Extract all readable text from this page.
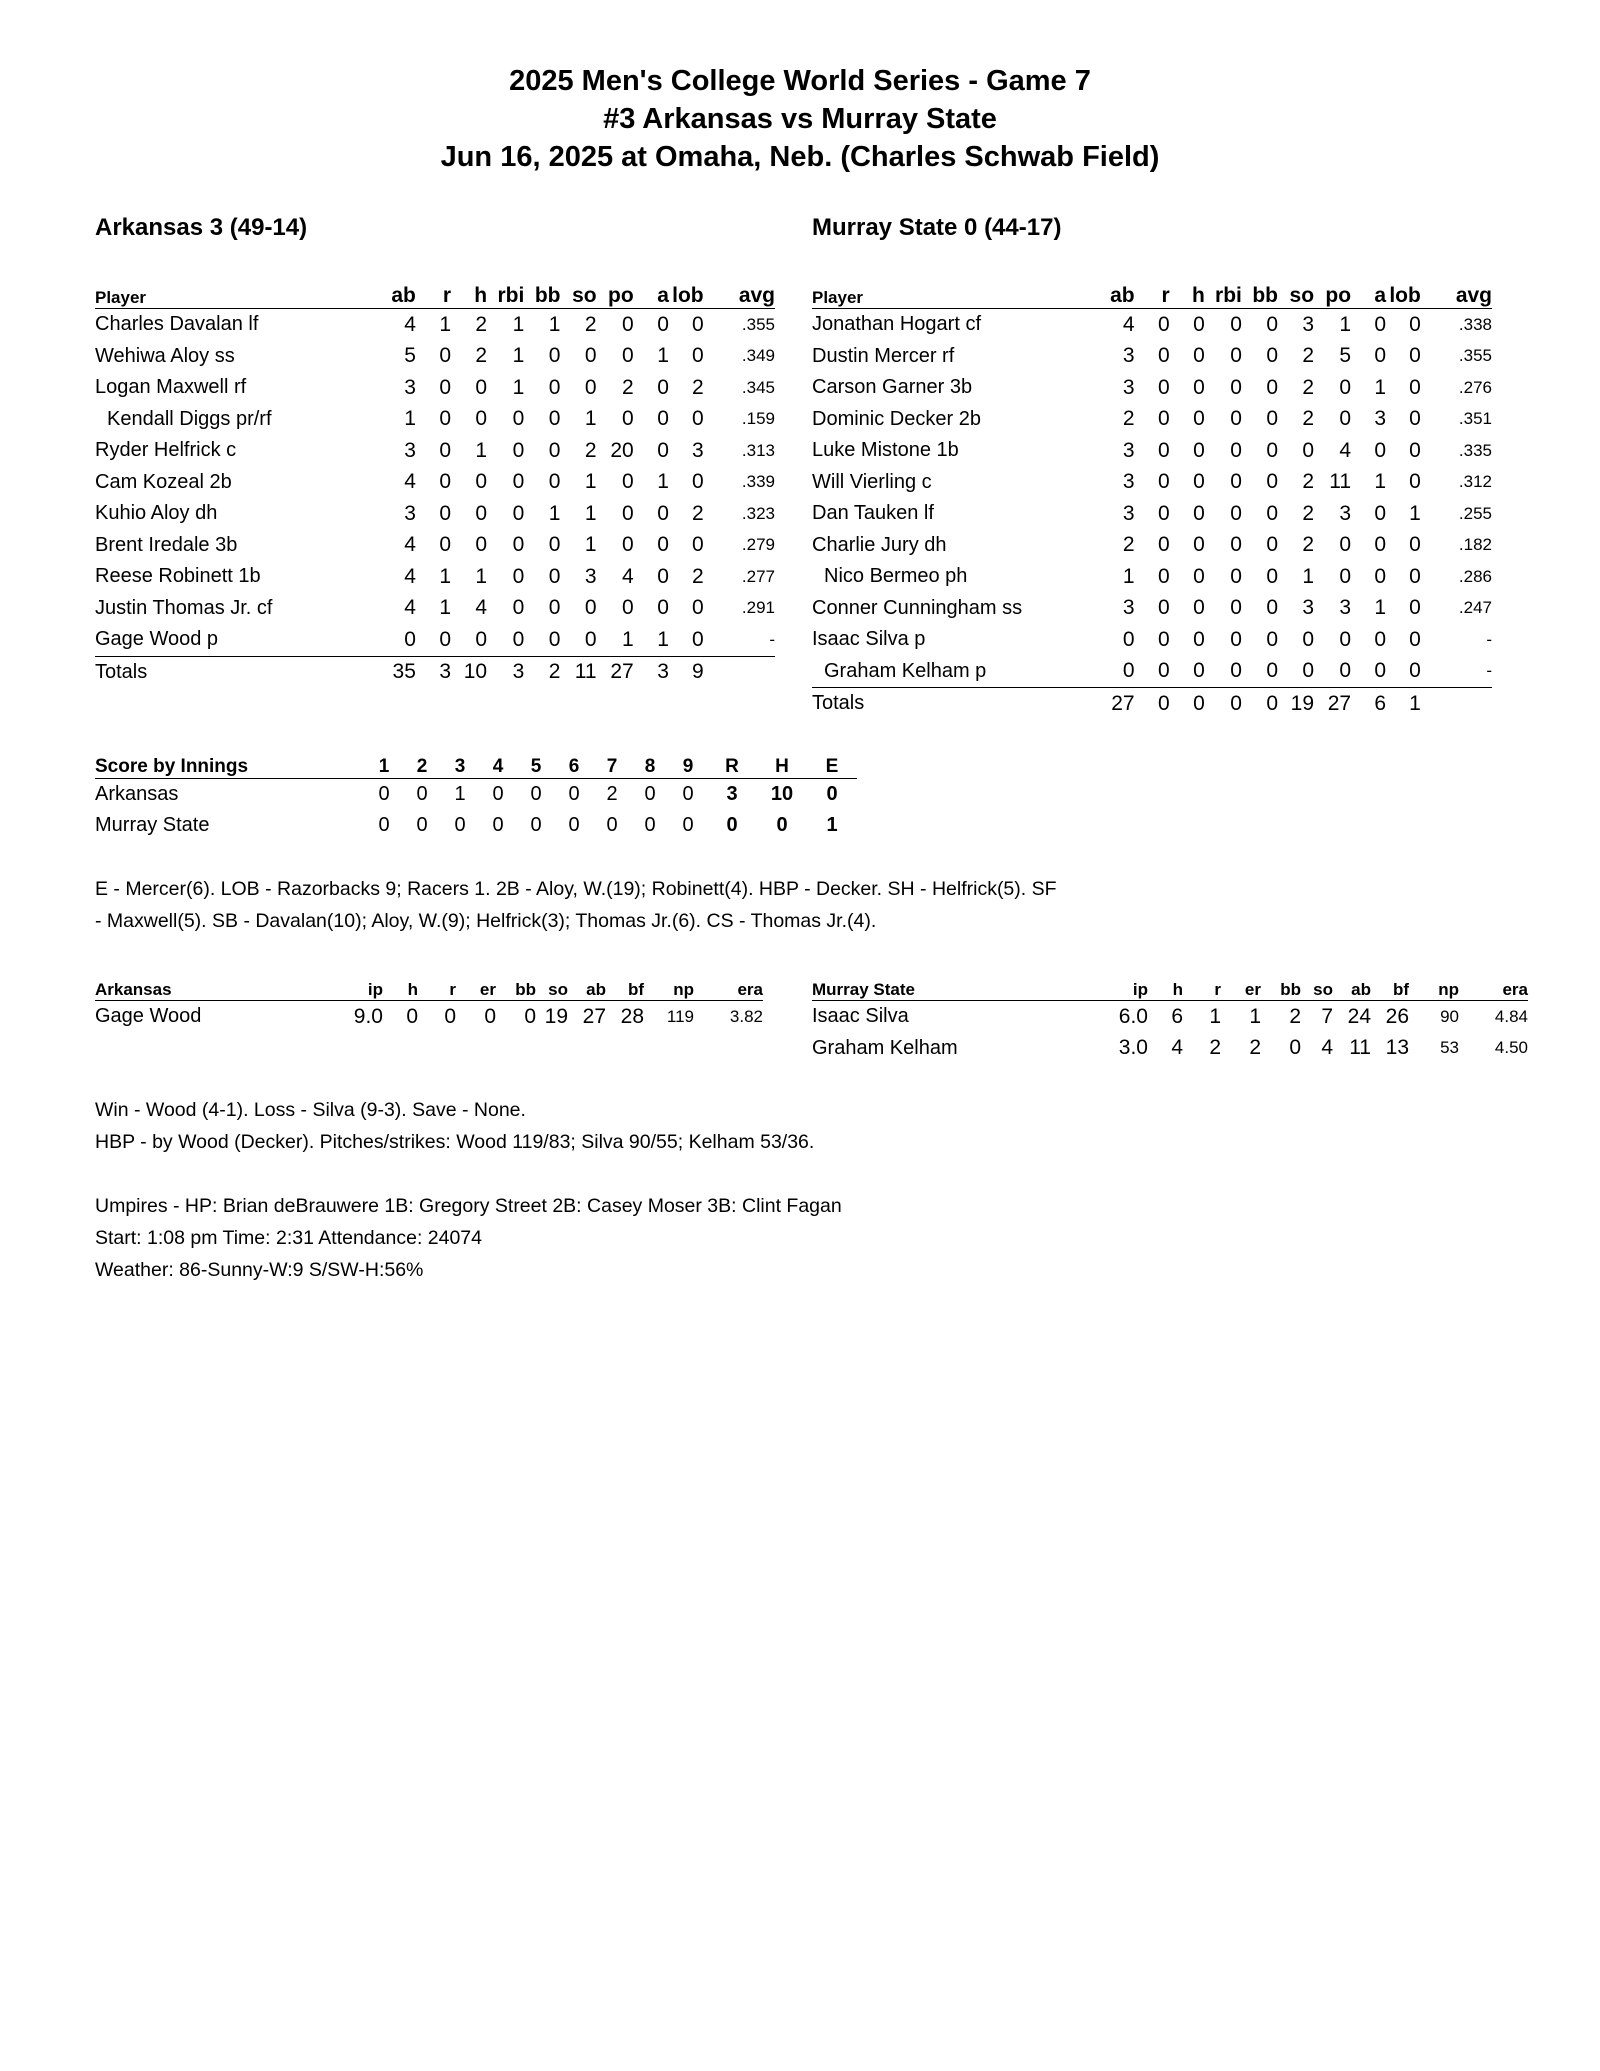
2025 Men's College World Series - Game 7
#3 Arkansas vs Murray State
Jun 16, 2025 at Omaha, Neb. (Charles Schwab Field)
Arkansas 3 (49-14)	Murray State 0 (44-17)
Player	ab	r	h	rbi	bb	so	po	a	lob	avg
Charles Davalan lf	4	1	2	1	1	2	0	0	0	.355
Wehiwa Aloy ss	5	0	2	1	0	0	0	1	0	.349
Logan Maxwell rf	3	0	0	1	0	0	2	0	2	.345
Kendall Diggs pr/rf	1	0	0	0	0	1	0	0	0	.159
Ryder Helfrick c	3	0	1	0	0	2	20	0	3	.313
Cam Kozeal 2b	4	0	0	0	0	1	0	1	0	.339
Kuhio Aloy dh	3	0	0	0	1	1	0	0	2	.323
Brent Iredale 3b	4	0	0	0	0	1	0	0	0	.279
Reese Robinett 1b	4	1	1	0	0	3	4	0	2	.277
Justin Thomas Jr. cf	4	1	4	0	0	0	0	0	0	.291
Gage Wood p	0	0	0	0	0	0	1	1	0	-
Totals	35	3	10	3	2	11	27	3	9	
Player	ab	r	h	rbi	bb	so	po	a	lob	avg
Jonathan Hogart cf	4	0	0	0	0	3	1	0	0	.338
Dustin Mercer rf	3	0	0	0	0	2	5	0	0	.355
Carson Garner 3b	3	0	0	0	0	2	0	1	0	.276
Dominic Decker 2b	2	0	0	0	0	2	0	3	0	.351
Luke Mistone 1b	3	0	0	0	0	0	4	0	0	.335
Will Vierling c	3	0	0	0	0	2	11	1	0	.312
Dan Tauken lf	3	0	0	0	0	2	3	0	1	.255
Charlie Jury dh	2	0	0	0	0	2	0	0	0	.182
Nico Bermeo ph	1	0	0	0	0	1	0	0	0	.286
Conner Cunningham ss	3	0	0	0	0	3	3	1	0	.247
Isaac Silva p	0	0	0	0	0	0	0	0	0	-
Graham Kelham p	0	0	0	0	0	0	0	0	0	-
Totals	27	0	0	0	0	19	27	6	1	
Score by Innings	1	2	3	4	5	6	7	8	9	R	H	E
Arkansas	0	0	1	0	0	0	2	0	0	3	10	0
Murray State	0	0	0	0	0	0	0	0	0	0	0	1
E - Mercer(6). LOB - Razorbacks 9; Racers 1. 2B - Aloy, W.(19); Robinett(4). HBP - Decker. SH - Helfrick(5). SF
- Maxwell(5). SB - Davalan(10); Aloy, W.(9); Helfrick(3); Thomas Jr.(6). CS - Thomas Jr.(4).
Arkansas	ip	h	r	er	bb	so	ab	bf	np	era
Gage Wood	9.0	0	0	0	0	19	27	28	119	3.82
Murray State	ip	h	r	er	bb	so	ab	bf	np	era
Isaac Silva	6.0	6	1	1	2	7	24	26	90	4.84
Graham Kelham	3.0	4	2	2	0	4	11	13	53	4.50
Win - Wood (4-1). Loss - Silva (9-3). Save - None.
HBP - by Wood (Decker). Pitches/strikes: Wood 119/83; Silva 90/55; Kelham 53/36.
Umpires - HP: Brian deBrauwere 1B: Gregory Street 2B: Casey Moser 3B: Clint Fagan
Start: 1:08 pm Time: 2:31 Attendance: 24074
Weather: 86-Sunny-W:9 S/SW-H:56%
